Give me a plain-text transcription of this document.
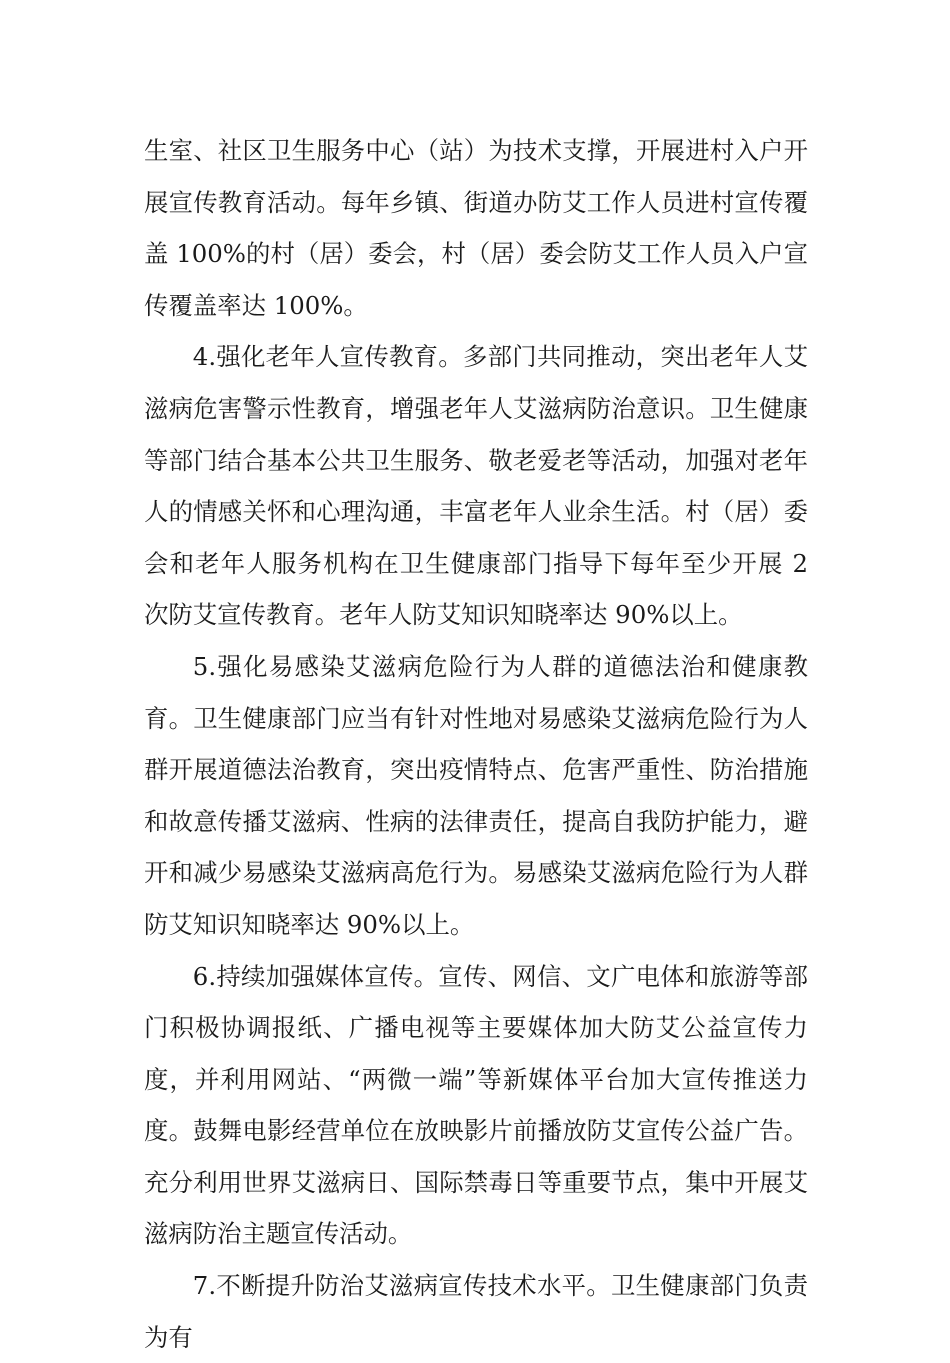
生室、社区卫生服务中心（站）为技术支撑，开展进村入户开展宣传教育活动。每年乡镇、街道办防艾工作人员进村宣传覆盖 100%的村（居）委会，村（居）委会防艾工作人员入户宣传覆盖率达 100%。

4.强化老年人宣传教育。多部门共同推动，突出老年人艾滋病危害警示性教育，增强老年人艾滋病防治意识。卫生健康等部门结合基本公共卫生服务、敬老爱老等活动，加强对老年人的情感关怀和心理沟通，丰富老年人业余生活。村（居）委会和老年人服务机构在卫生健康部门指导下每年至少开展 2 次防艾宣传教育。老年人防艾知识知晓率达 90%以上。

5.强化易感染艾滋病危险行为人群的道德法治和健康教育。卫生健康部门应当有针对性地对易感染艾滋病危险行为人群开展道德法治教育，突出疫情特点、危害严重性、防治措施和故意传播艾滋病、性病的法律责任，提高自我防护能力，避开和减少易感染艾滋病高危行为。易感染艾滋病危险行为人群防艾知识知晓率达 90%以上。

6.持续加强媒体宣传。宣传、网信、文广电体和旅游等部门积极协调报纸、广播电视等主要媒体加大防艾公益宣传力度，并利用网站、“两微一端”等新媒体平台加大宣传推送力度。鼓舞电影经营单位在放映影片前播放防艾宣传公益广告。充分利用世界艾滋病日、国际禁毒日等重要节点，集中开展艾滋病防治主题宣传活动。

7.不断提升防治艾滋病宣传技术水平。卫生健康部门负责为有
